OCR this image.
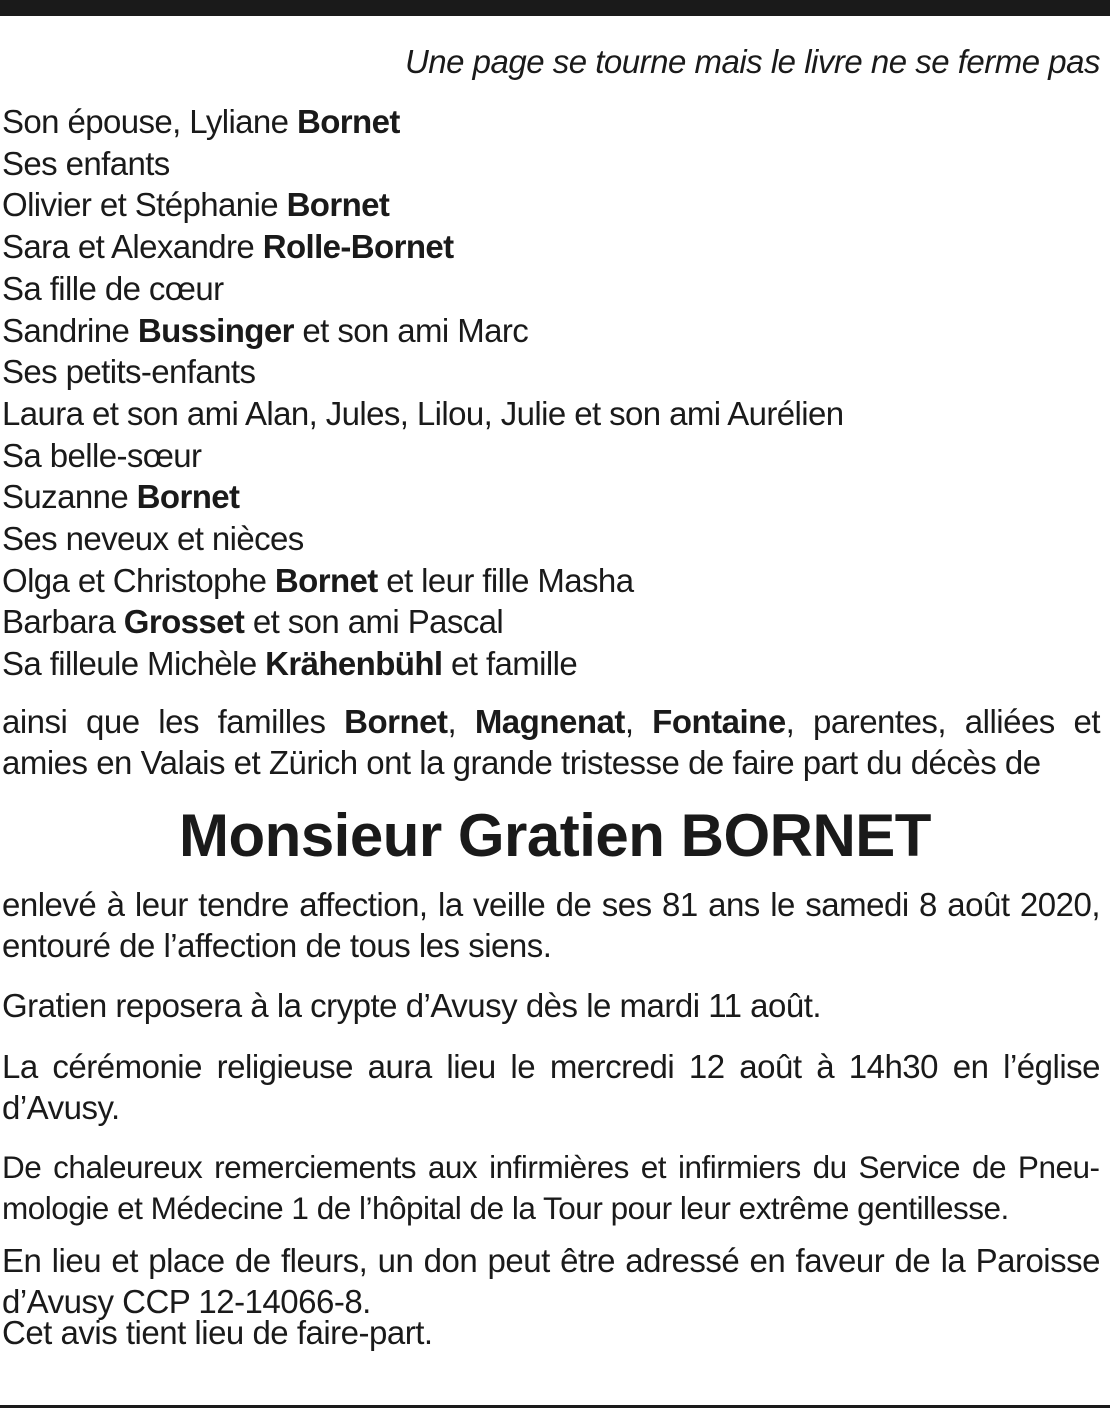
Une page se tourne mais le livre ne se ferme pas
Son épouse, Lyliane Bornet
Ses enfants
Olivier et Stéphanie Bornet
Sara et Alexandre Rolle-Bornet
Sa fille de cœur
Sandrine Bussinger et son ami Marc
Ses petits-enfants
Laura et son ami Alan, Jules, Lilou, Julie et son ami Aurélien
Sa belle-sœur
Suzanne Bornet
Ses neveux et nièces
Olga et Christophe Bornet et leur fille Masha
Barbara Grosset et son ami Pascal
Sa filleule Michèle Krähenbühl et famille

ainsi que les familles Bornet, Magnenat, Fontaine, parentes, alliées et amies en Valais et Zürich ont la grande tristesse de faire part du décès de

Monsieur Gratien BORNET

enlevé à leur tendre affection, la veille de ses 81 ans le samedi 8 août 2020, entouré de l’affection de tous les siens.

Gratien reposera à la crypte d’Avusy dès le mardi 11 août.

La cérémonie religieuse aura lieu le mercredi 12 août à 14h30 en l’église d’Avusy.

De chaleureux remerciements aux infirmières et infirmiers du Service de Pneumologie et Médecine 1 de l’hôpital de la Tour pour leur extrême gentillesse.

En lieu et place de fleurs, un don peut être adressé en faveur de la Paroisse d’Avusy CCP 12-14066-8.

Cet avis tient lieu de faire-part.
